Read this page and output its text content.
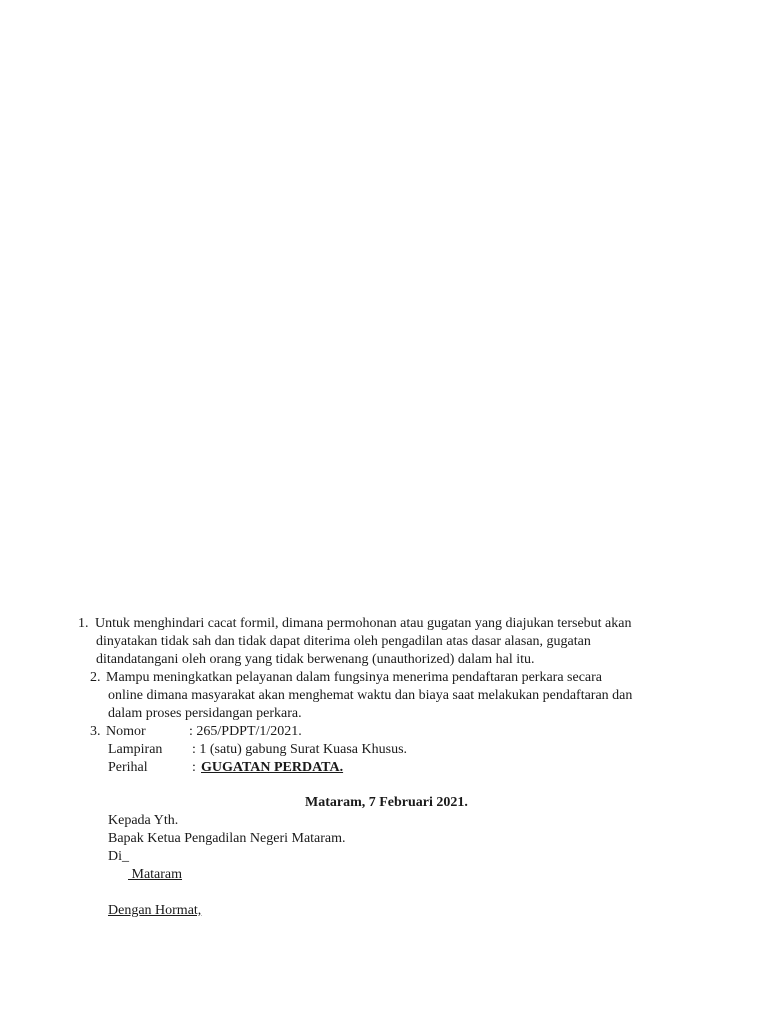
1. Untuk menghindari cacat formil, dimana permohonan atau gugatan yang diajukan tersebut akan
dinyatakan tidak sah dan tidak dapat diterima oleh pengadilan atas dasar alasan, gugatan
ditandatangani oleh orang yang tidak berwenang (unauthorized) dalam hal itu.
2. Mampu meningkatkan pelayanan dalam fungsinya menerima pendaftaran perkara secara
online dimana masyarakat akan menghemat waktu dan biaya saat melakukan pendaftaran dan
dalam proses persidangan perkara.
3. Nomor	: 265/PDPT/1/2021.
Lampiran : 1 (satu) gabung Surat Kuasa Khusus.
Perihal	: GUGATAN PERDATA.
Mataram, 7 Februari 2021.
Kepada Yth.
Bapak Ketua Pengadilan Negeri Mataram.
Di_
Mataram
Dengan Hormat,
